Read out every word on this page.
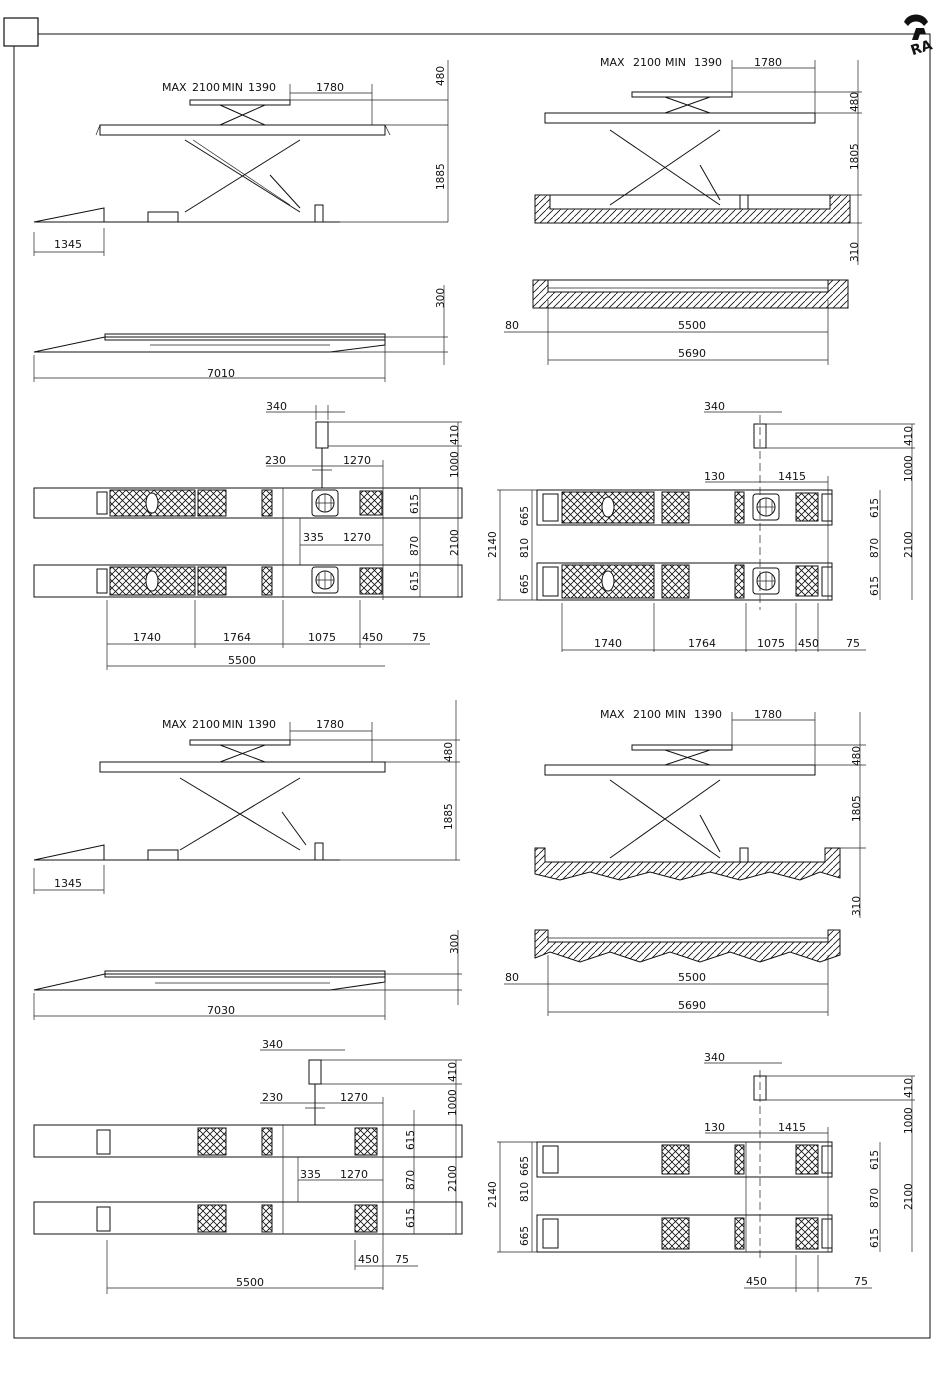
RA
MAX 2100 MIN 1390	1780
480
1885
1345
MAX 2100 MIN 1390	1780
480
1805
310
300
7010
80	5500
5690
340
410
1000
230	1270
615
335 1270	870	2100
615
1740	1764	1075 450	75
5500
340
410
1000
130	1415
615
665
2140 810	870 2100
665	615
1740	1764	1075 450 75
MAX 2100 MIN 1390	1780
480
1885
1345
MAX 2100 MIN 1390	1780
480
1805
310
300
7030
80	5500
5690
340
410
1000
230	1270
615
335 1270	870	2100
615
450 75
5500
340
410
1000
130	1415
615
665
2140 810	870 2100
665	615
450	75
